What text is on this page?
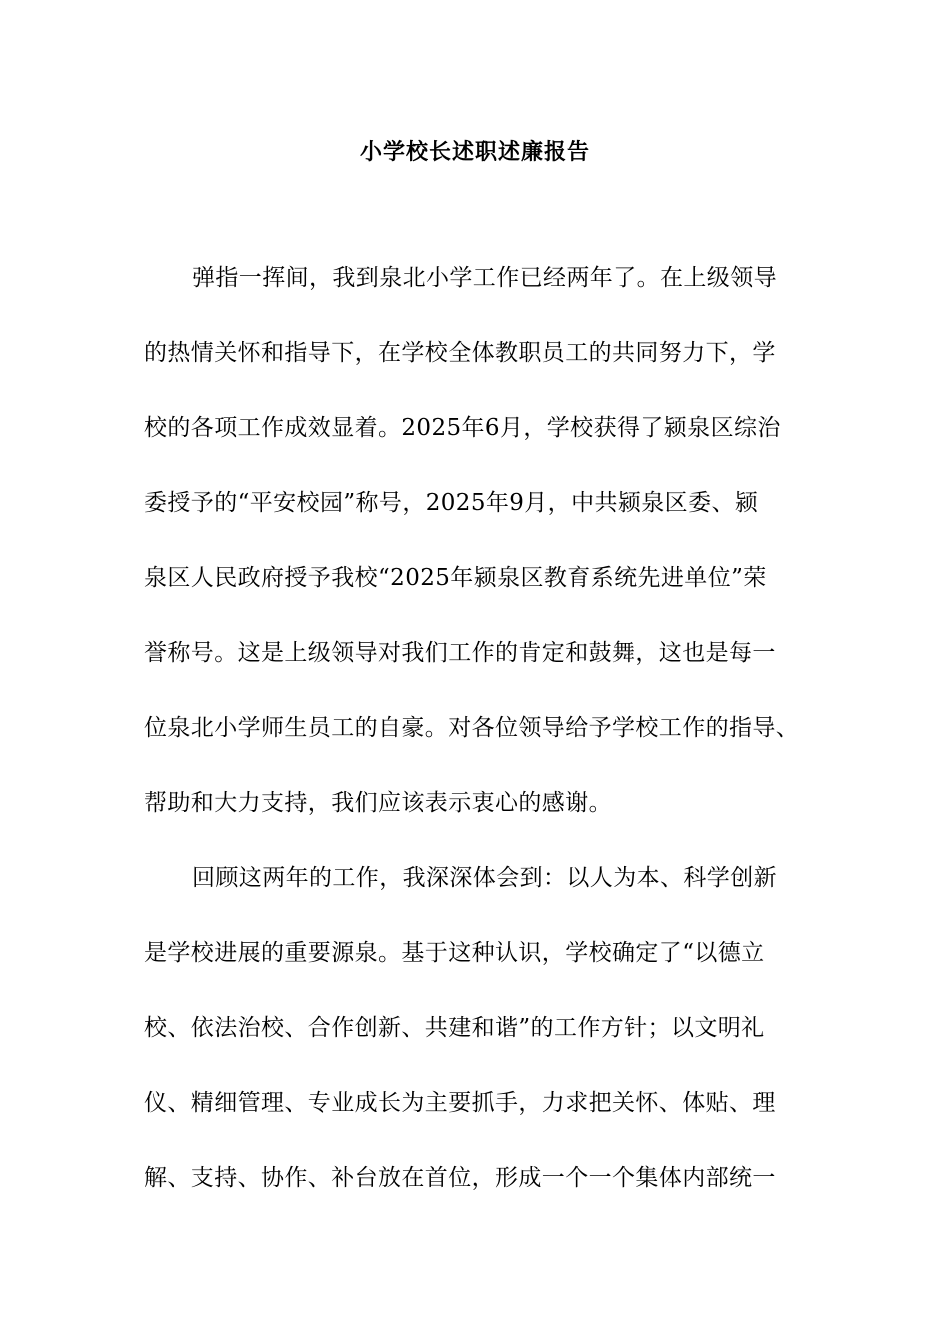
小学校长述职述廉报告
弹指一挥间，我到泉北小学工作已经两年了。在上级领导
的热情关怀和指导下，在学校全体教职员工的共同努力下，学
校的各项工作成效显着。2025年6月，学校获得了颍泉区综治
委授予的“平安校园”称号，2025年9月，中共颍泉区委、颍
泉区人民政府授予我校“2025年颍泉区教育系统先进单位”荣
誉称号。这是上级领导对我们工作的肯定和鼓舞，这也是每一
位泉北小学师生员工的自豪。对各位领导给予学校工作的指导、
帮助和大力支持，我们应该表示衷心的感谢。
回顾这两年的工作，我深深体会到：以人为本、科学创新
是学校进展的重要源泉。基于这种认识，学校确定了“以德立
校、依法治校、合作创新、共建和谐”的工作方针；以文明礼
仪、精细管理、专业成长为主要抓手，力求把关怀、体贴、理
解、支持、协作、补台放在首位，形成一个一个集体内部统一
